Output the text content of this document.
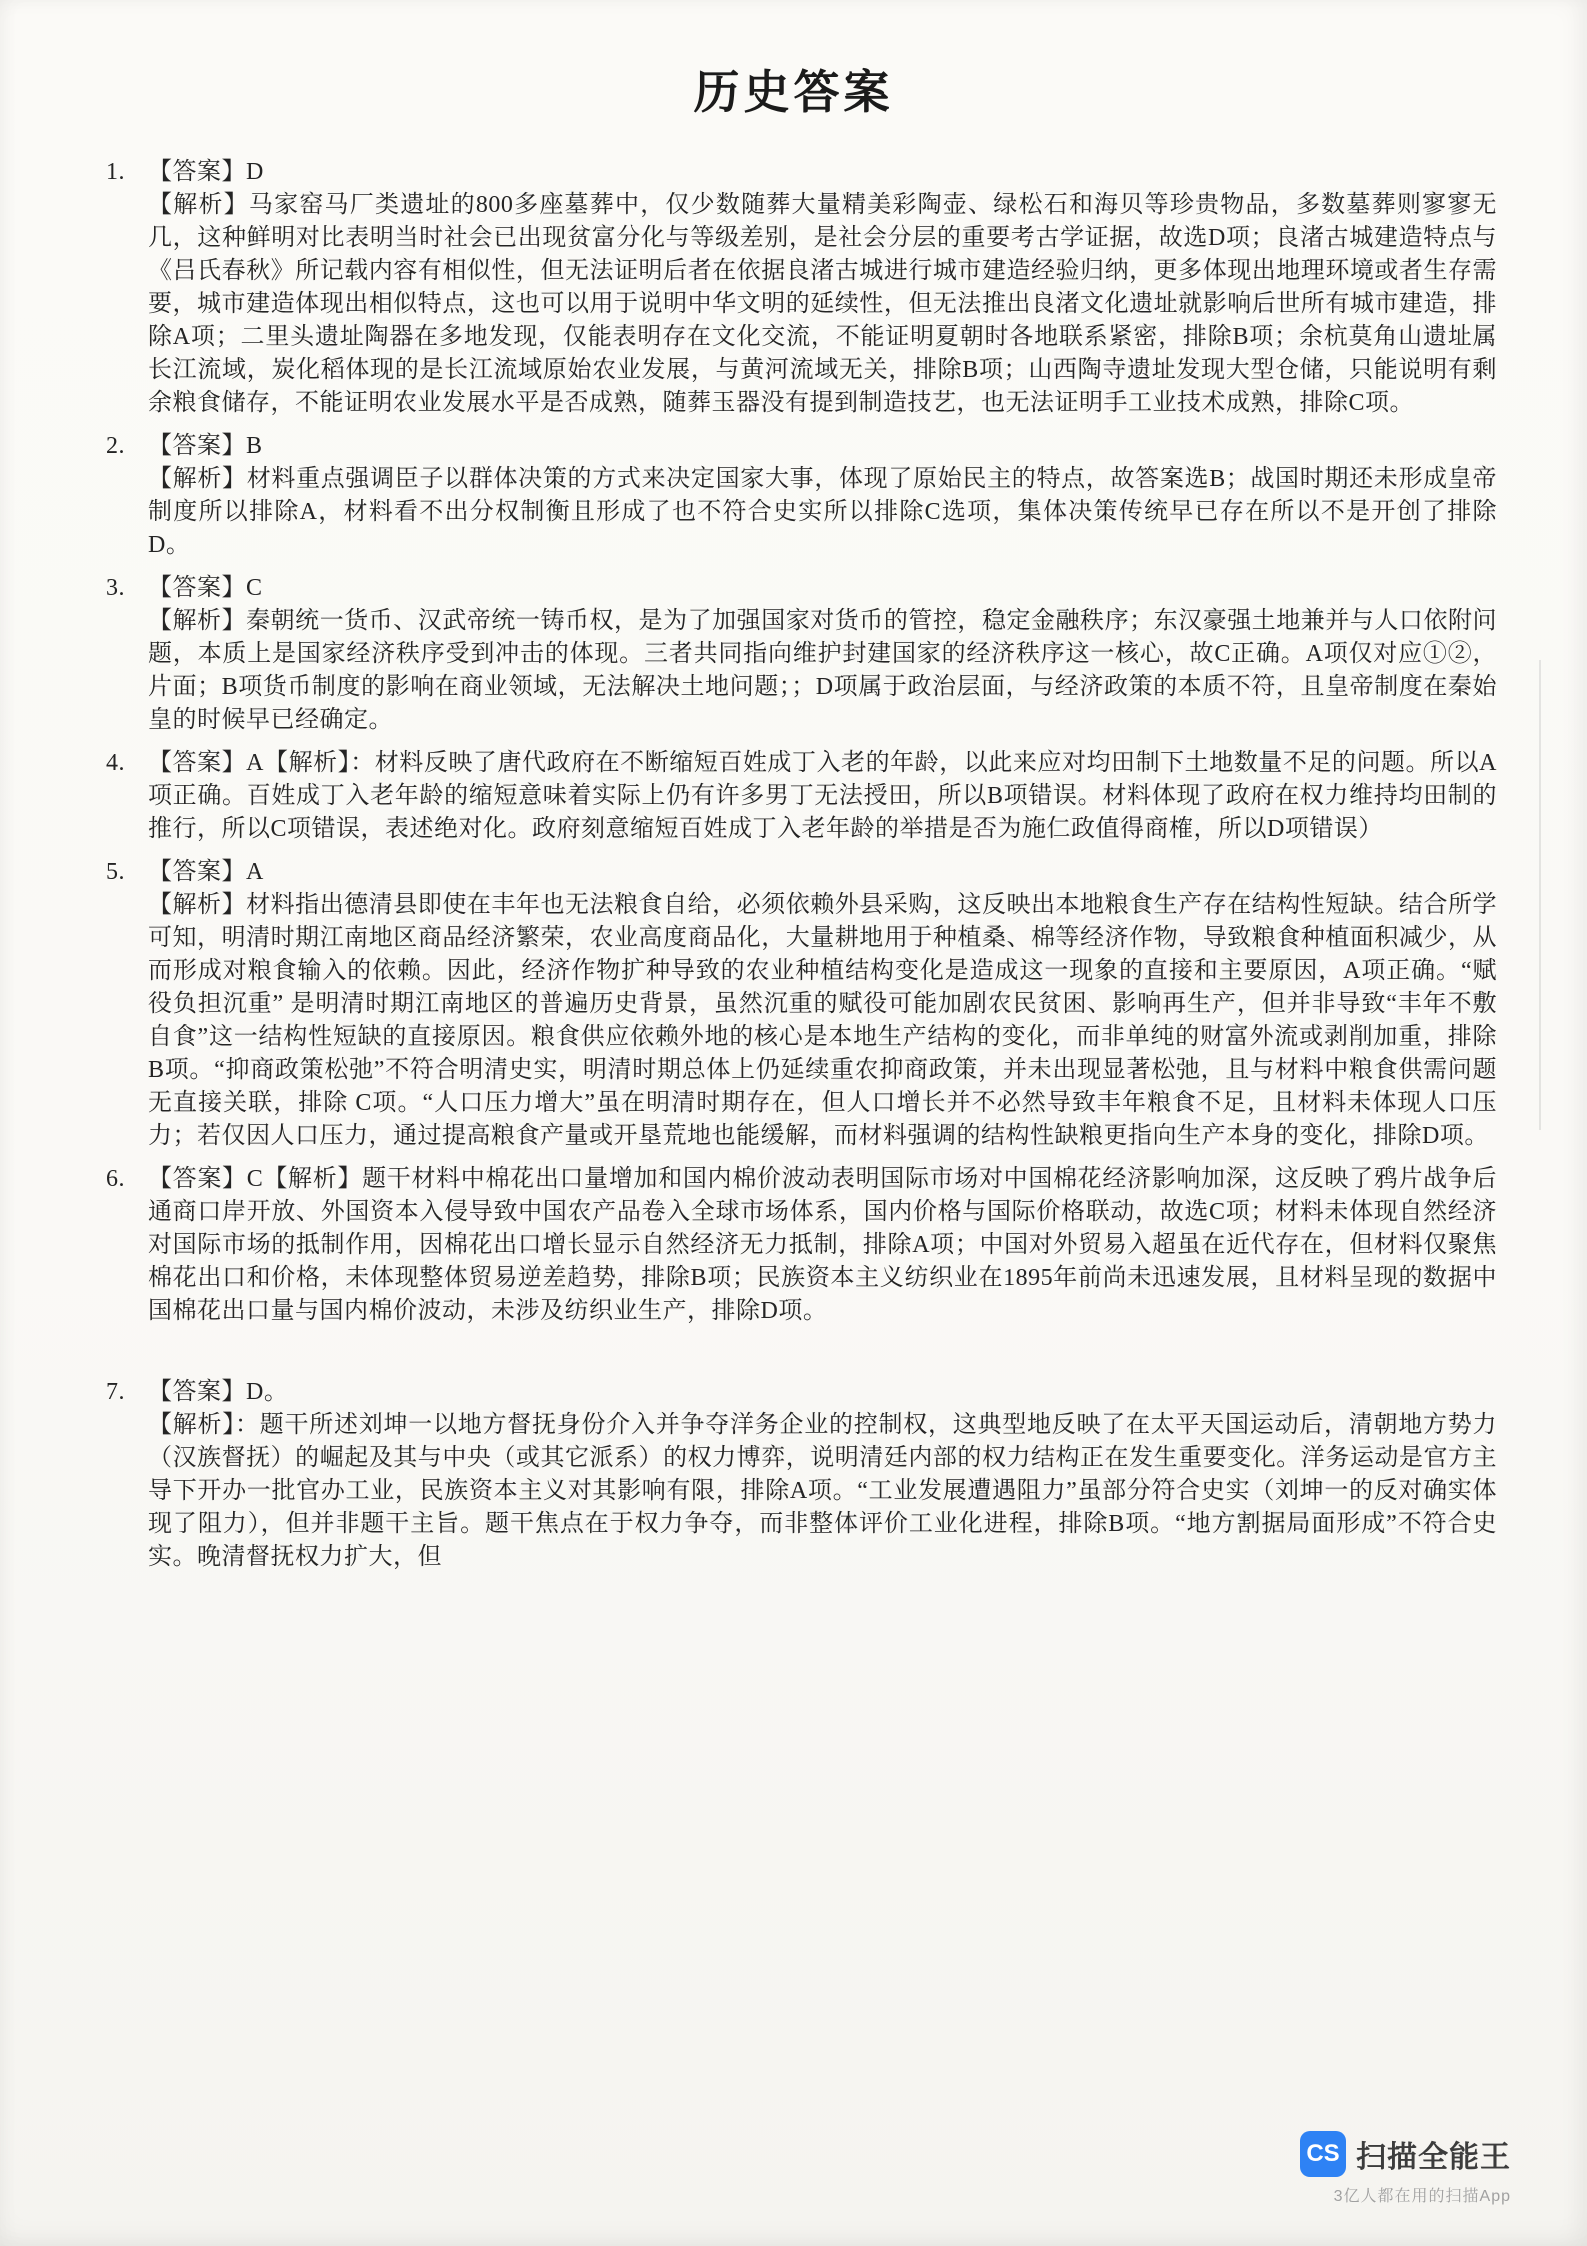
历史答案
1. 【答案】D

【解析】马家窑马厂类遗址的800多座墓葬中，仅少数随葬大量精美彩陶壶、绿松石和海贝等珍贵物品，多数墓葬则寥寥无几，这种鲜明对比表明当时社会已出现贫富分化与等级差别，是社会分层的重要考古学证据，故选D项；良渚古城建造特点与《吕氏春秋》所记载内容有相似性，但无法证明后者在依据良渚古城进行城市建造经验归纳，更多体现出地理环境或者生存需要，城市建造体现出相似特点，这也可以用于说明中华文明的延续性，但无法推出良渚文化遗址就影响后世所有城市建造，排除A项；二里头遗址陶器在多地发现，仅能表明存在文化交流，不能证明夏朝时各地联系紧密，排除B项；余杭莫角山遗址属长江流域，炭化稻体现的是长江流域原始农业发展，与黄河流域无关，排除B项；山西陶寺遗址发现大型仓储，只能说明有剩余粮食储存，不能证明农业发展水平是否成熟，随葬玉器没有提到制造技艺，也无法证明手工业技术成熟，排除C项。

2. 【答案】B

【解析】材料重点强调臣子以群体决策的方式来决定国家大事，体现了原始民主的特点，故答案选B；战国时期还未形成皇帝制度所以排除A，材料看不出分权制衡且形成了也不符合史实所以排除C选项，集体决策传统早已存在所以不是开创了排除D。

3. 【答案】C

【解析】秦朝统一货币、汉武帝统一铸币权，是为了加强国家对货币的管控，稳定金融秩序；东汉豪强土地兼并与人口依附问题，本质上是国家经济秩序受到冲击的体现。三者共同指向维护封建国家的经济秩序这一核心，故C正确。A项仅对应①②，片面；B项货币制度的影响在商业领域，无法解决土地问题；；D项属于政治层面，与经济政策的本质不符，且皇帝制度在秦始皇的时候早已经确定。

4. 【答案】A【解析】：材料反映了唐代政府在不断缩短百姓成丁入老的年龄，以此来应对均田制下土地数量不足的问题。所以A项正确。百姓成丁入老年龄的缩短意味着实际上仍有许多男丁无法授田，所以B项错误。材料体现了政府在权力维持均田制的推行，所以C项错误，表述绝对化。政府刻意缩短百姓成丁入老年龄的举措是否为施仁政值得商榷，所以D项错误）

5. 【答案】A

【解析】材料指出德清县即使在丰年也无法粮食自给，必须依赖外县采购，这反映出本地粮食生产存在结构性短缺。结合所学可知，明清时期江南地区商品经济繁荣，农业高度商品化，大量耕地用于种植桑、棉等经济作物，导致粮食种植面积减少，从而形成对粮食输入的依赖。因此，经济作物扩种导致的农业种植结构变化是造成这一现象的直接和主要原因，A项正确。“赋役负担沉重” 是明清时期江南地区的普遍历史背景，虽然沉重的赋役可能加剧农民贫困、影响再生产，但并非导致“丰年不敷自食”这一结构性短缺的直接原因。粮食供应依赖外地的核心是本地生产结构的变化，而非单纯的财富外流或剥削加重，排除 B项。“抑商政策松弛”不符合明清史实，明清时期总体上仍延续重农抑商政策，并未出现显著松弛，且与材料中粮食供需问题无直接关联，排除 C项。“人口压力增大”虽在明清时期存在，但人口增长并不必然导致丰年粮食不足，且材料未体现人口压力；若仅因人口压力，通过提高粮食产量或开垦荒地也能缓解，而材料强调的结构性缺粮更指向生产本身的变化，排除D项。

6. 【答案】C【解析】题干材料中棉花出口量增加和国内棉价波动表明国际市场对中国棉花经济影响加深，这反映了鸦片战争后通商口岸开放、外国资本入侵导致中国农产品卷入全球市场体系，国内价格与国际价格联动，故选C项；材料未体现自然经济对国际市场的抵制作用，因棉花出口增长显示自然经济无力抵制，排除A项；中国对外贸易入超虽在近代存在，但材料仅聚焦棉花出口和价格，未体现整体贸易逆差趋势，排除B项；民族资本主义纺织业在1895年前尚未迅速发展，且材料呈现的数据中国棉花出口量与国内棉价波动，未涉及纺织业生产，排除D项。

7. 【答案】D。

【解析】：题干所述刘坤一以地方督抚身份介入并争夺洋务企业的控制权，这典型地反映了在太平天国运动后，清朝地方势力（汉族督抚）的崛起及其与中央（或其它派系）的权力博弈，说明清廷内部的权力结构正在发生重要变化。洋务运动是官方主导下开办一批官办工业，民族资本主义对其影响有限，排除A项。“工业发展遭遇阻力”虽部分符合史实（刘坤一的反对确实体现了阻力），但并非题干主旨。题干焦点在于权力争夺，而非整体评价工业化进程，排除B项。“地方割据局面形成”不符合史实。晚清督抚权力扩大，但

CS 扫描全能王
3亿人都在用的扫描App
